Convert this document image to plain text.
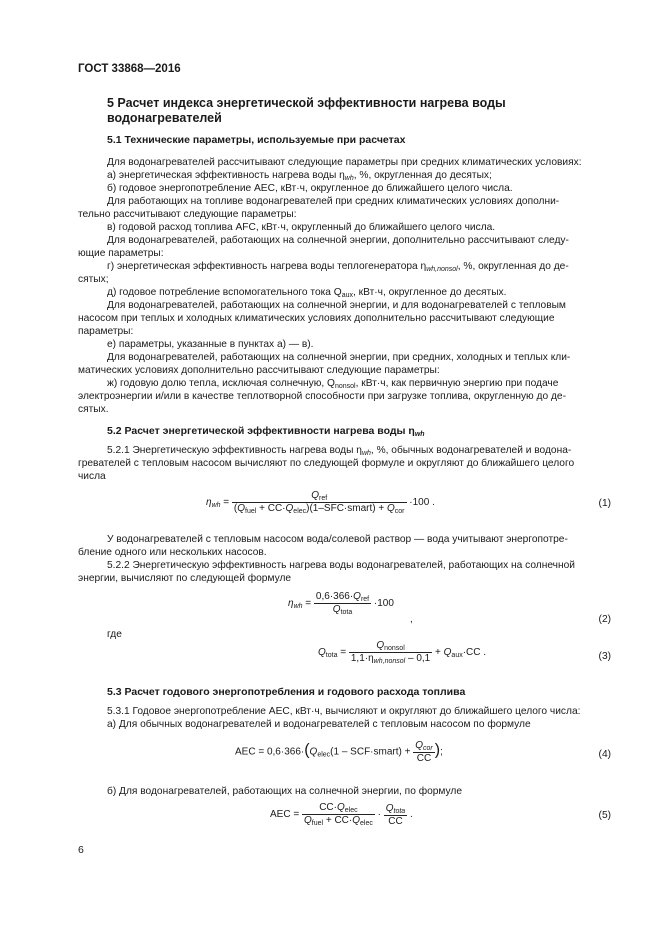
ГОСТ 33868—2016
5 Расчет индекса энергетической эффективности нагрева воды
водонагревателей
5.1 Технические параметры, используемые при расчетах
Для водонагревателей рассчитывают следующие параметры при средних климатических условиях:
а) энергетическая эффективность нагрева воды $\eta_{wh}$, %, округленная до десятых;
б) годовое энергопотребление AEC, кВт·ч, округленное до ближайшего целого числа.
Для работающих на топливе водонагревателей при средних климатических условиях дополни-
тельно рассчитывают следующие параметры:
в) годовой расход топлива AFC, кВт·ч, округленный до ближайшего целого числа.
Для водонагревателей, работающих на солнечной энергии, дополнительно рассчитывают следу-
ющие параметры:
г) энергетическая эффективность нагрева воды теплогенератора $\eta_{wh,nonsol}$, %, округленная до де-
сятых;
д) годовое потребление вспомогательного тока $Q_{aux}$, кВт·ч, округленное до десятых.
Для водонагревателей, работающих на солнечной энергии, и для водонагревателей с тепловым
насосом при теплых и холодных климатических условиях дополнительно рассчитывают следующие
параметры:
е) параметры, указанные в пунктах а) — в).
Для водонагревателей, работающих на солнечной энергии, при средних, холодных и теплых кли-
матических условиях дополнительно рассчитывают следующие параметры:
ж) годовую долю тепла, исключая солнечную, $Q_{nonsol}$, кВт·ч, как первичную энергию при подаче
электроэнергии и/или в качестве теплотворной способности при загрузке топлива, округленную до де-
сятых.
5.2 Расчет энергетической эффективности нагрева воды $\eta_{wh}$
5.2.1 Энергетическую эффективность нагрева воды $\eta_{wh}$, %, обычных водонагревателей и водона-
гревателей с тепловым насосом вычисляют по следующей формуле и округляют до ближайшего целого
числа
$\eta_{wh} = \frac{Q_{ref}}{(Q_{fuel} + CC\cdot Q_{elec})(1-SFC\cdot smart) + Q_{cor}} \cdot 100$ .	(1)
У водонагревателей с тепловым насосом вода/солевой раствор — вода учитывают энергопотре-
бление одного или нескольких насосов.
5.2.2 Энергетическую эффективность нагрева воды водонагревателей, работающих на солнечной
энергии, вычисляют по следующей формуле
$\eta_{wh} = \frac{0,6\cdot 366\cdot Q_{ref}}{Q_{tota}} \cdot 100$
,	(2)
где
$Q_{tota} = \frac{Q_{nonsol}}{1,1\cdot\eta_{wh,nonsol} - 0,1} + Q_{aux}\cdot CC$ .	(3)
5.3 Расчет годового энергопотребления и годового расхода топлива
5.3.1 Годовое энергопотребление AEC, кВт·ч, вычисляют и округляют до ближайшего целого числа:
а) Для обычных водонагревателей и водонагревателей с тепловым насосом по формуле
AEC = $0,6\cdot 366\cdot(Q_{elec}(1$ – SCF·smart) + $\frac{Q_{cor}}{CC}$ );	(4)
б) Для водонагревателей, работающих на солнечной энергии, по формуле
AEC = $\frac{CC\cdot Q_{elec}}{Q_{fuel} + CC\cdot Q_{elec}} \cdot \frac{Q_{tota}}{CC}$ .	(5)
6
